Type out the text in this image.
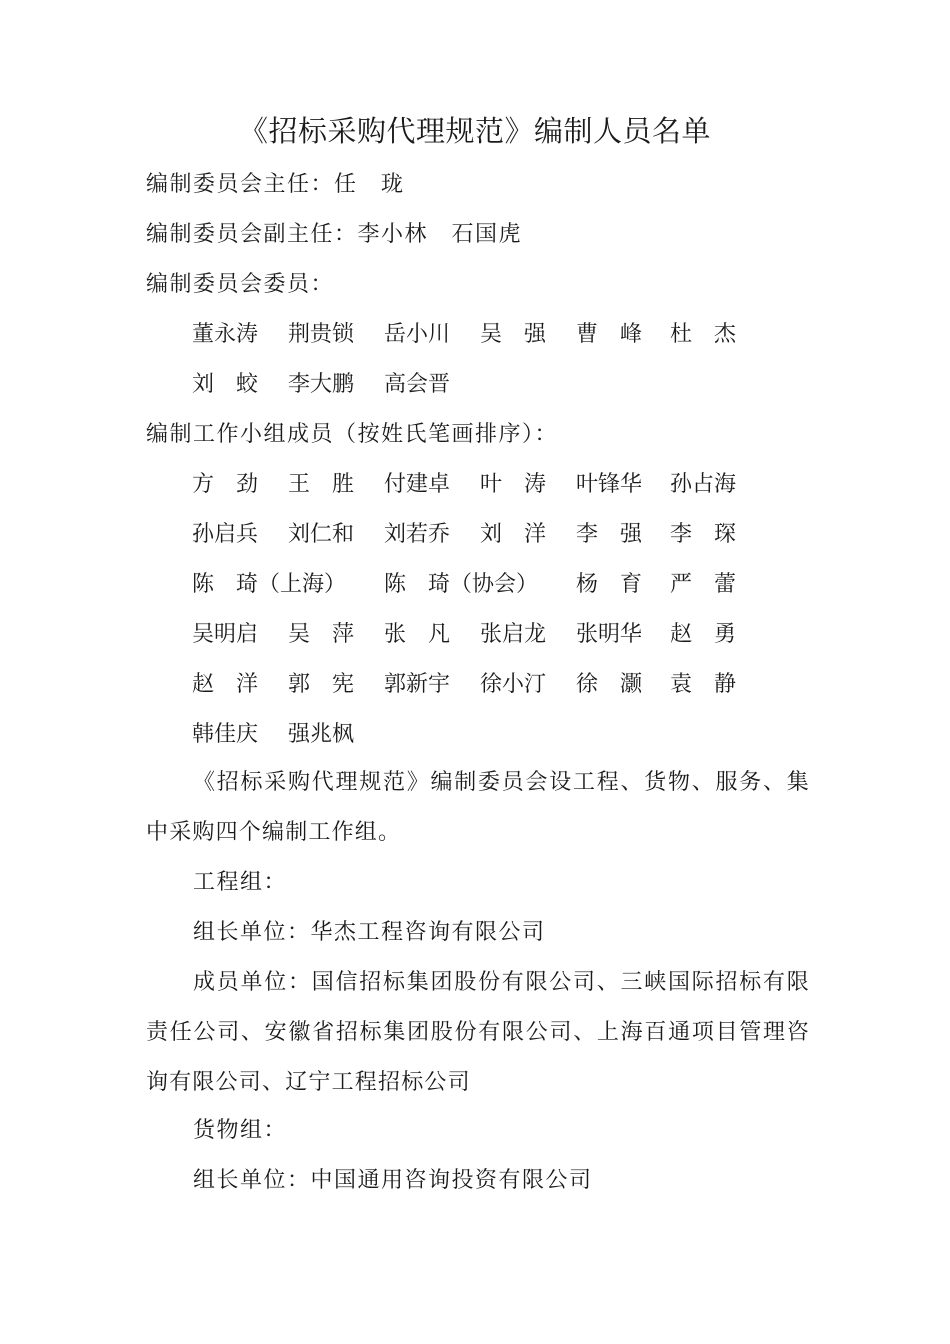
《招标采购代理规范》编制人员名单
编制委员会主任：任　珑
编制委员会副主任：李小林　石国虎
编制委员会委员：
董永涛 荆贵锁 岳小川 吴　强 曹　峰 杜　杰
刘　蛟 李大鹏 高会晋
编制工作小组成员（按姓氏笔画排序）：
方　劲 王　胜 付建卓 叶　涛 叶锋华 孙占海
孙启兵 刘仁和 刘若乔 刘　洋 李　强 李　琛
陈　琦（上海） 陈　琦（协会） 杨　育 严　蕾
吴明启 吴　萍 张　凡 张启龙 张明华 赵　勇
赵　洋 郭　宪 郭新宇 徐小汀 徐　灏 袁　静
韩佳庆 强兆枫

《招标采购代理规范》编制委员会设工程、货物、服务、集中采购四个编制工作组。

工程组：
组长单位：华杰工程咨询有限公司

成员单位：国信招标集团股份有限公司、三峡国际招标有限责任公司、安徽省招标集团股份有限公司、上海百通项目管理咨询有限公司、辽宁工程招标公司

货物组：
组长单位：中国通用咨询投资有限公司
